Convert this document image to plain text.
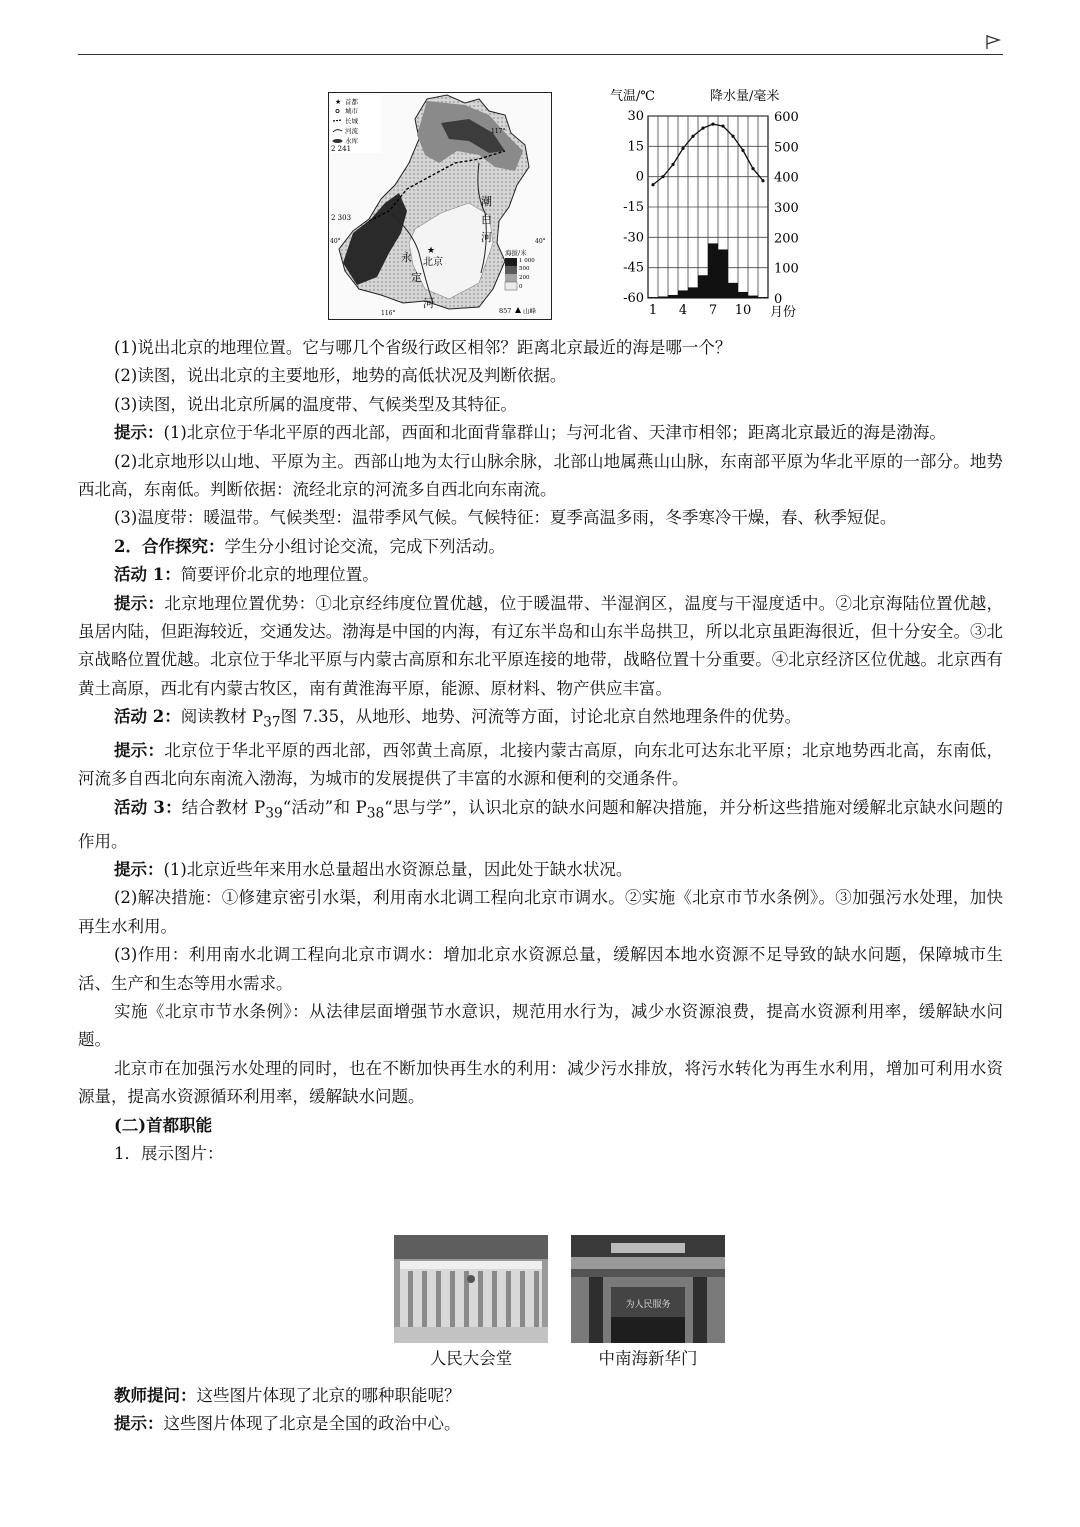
★ 首都
城市
长城
河流
水库
2 241
2 303
117°
116°
40°	40°
★
北京
潮
白
河
永
定
河
海拔/米
1 000
500
200
0
857 山峰
气温/℃	降水量/毫米
月份
30
15
0
-15
-30
-45
-60
600
500
400
300
200
100
0
1 4 7 10

(1)说出北京的地理位置。它与哪几个省级行政区相邻？距离北京最近的海是哪一个？

(2)读图，说出北京的主要地形，地势的高低状况及判断依据。

(3)读图，说出北京所属的温度带、气候类型及其特征。

提示：(1)北京位于华北平原的西北部，西面和北面背靠群山；与河北省、天津市相邻；距离北京最近的海是渤海。

(2)北京地形以山地、平原为主。西部山地为太行山脉余脉，北部山地属燕山山脉，东南部平原为华北平原的一部分。地势西北高，东南低。判断依据：流经北京的河流多自西北向东南流。

(3)温度带：暖温带。气候类型：温带季风气候。气候特征：夏季高温多雨，冬季寒冷干燥，春、秋季短促。

2．合作探究：学生分小组讨论交流，完成下列活动。

活动 1：简要评价北京的地理位置。

提示：北京地理位置优势：①北京经纬度位置优越，位于暖温带、半湿润区，温度与干湿度适中。②北京海陆位置优越，虽居内陆，但距海较近，交通发达。渤海是中国的内海，有辽东半岛和山东半岛拱卫，所以北京虽距海很近，但十分安全。③北京战略位置优越。北京位于华北平原与内蒙古高原和东北平原连接的地带，战略位置十分重要。④北京经济区位优越。北京西有黄土高原，西北有内蒙古牧区，南有黄淮海平原，能源、原材料、物产供应丰富。

活动 2：阅读教材 $P_{37}$图 7.35，从地形、地势、河流等方面，讨论北京自然地理条件的优势。

提示：北京位于华北平原的西北部，西邻黄土高原，北接内蒙古高原，向东北可达东北平原；北京地势西北高，东南低，河流多自西北向东南流入渤海，为城市的发展提供了丰富的水源和便利的交通条件。

活动 3：结合教材 $P_{39}“$活动”和 $P_{38}“$思与学”，认识北京的缺水问题和解决措施，并分析这些措施对缓解北京缺水问题的作用。

提示：(1)北京近些年来用水总量超出水资源总量，因此处于缺水状况。

(2)解决措施：①修建京密引水渠，利用南水北调工程向北京市调水。②实施《北京市节水条例》。③加强污水处理，加快再生水利用。

(3)作用：利用南水北调工程向北京市调水：增加北京水资源总量，缓解因本地水资源不足导致的缺水问题，保障城市生活、生产和生态等用水需求。

实施《北京市节水条例》：从法律层面增强节水意识，规范用水行为，减少水资源浪费，提高水资源利用率，缓解缺水问题。

北京市在加强污水处理的同时，也在不断加快再生水的利用：减少污水排放，将污水转化为再生水利用，增加可利用水资源量，提高水资源循环利用率，缓解缺水问题。

(二)首都职能

1．展示图片：

人民大会堂
为人民服务
中南海新华门

教师提问：这些图片体现了北京的哪种职能呢？

提示：这些图片体现了北京是全国的政治中心。
